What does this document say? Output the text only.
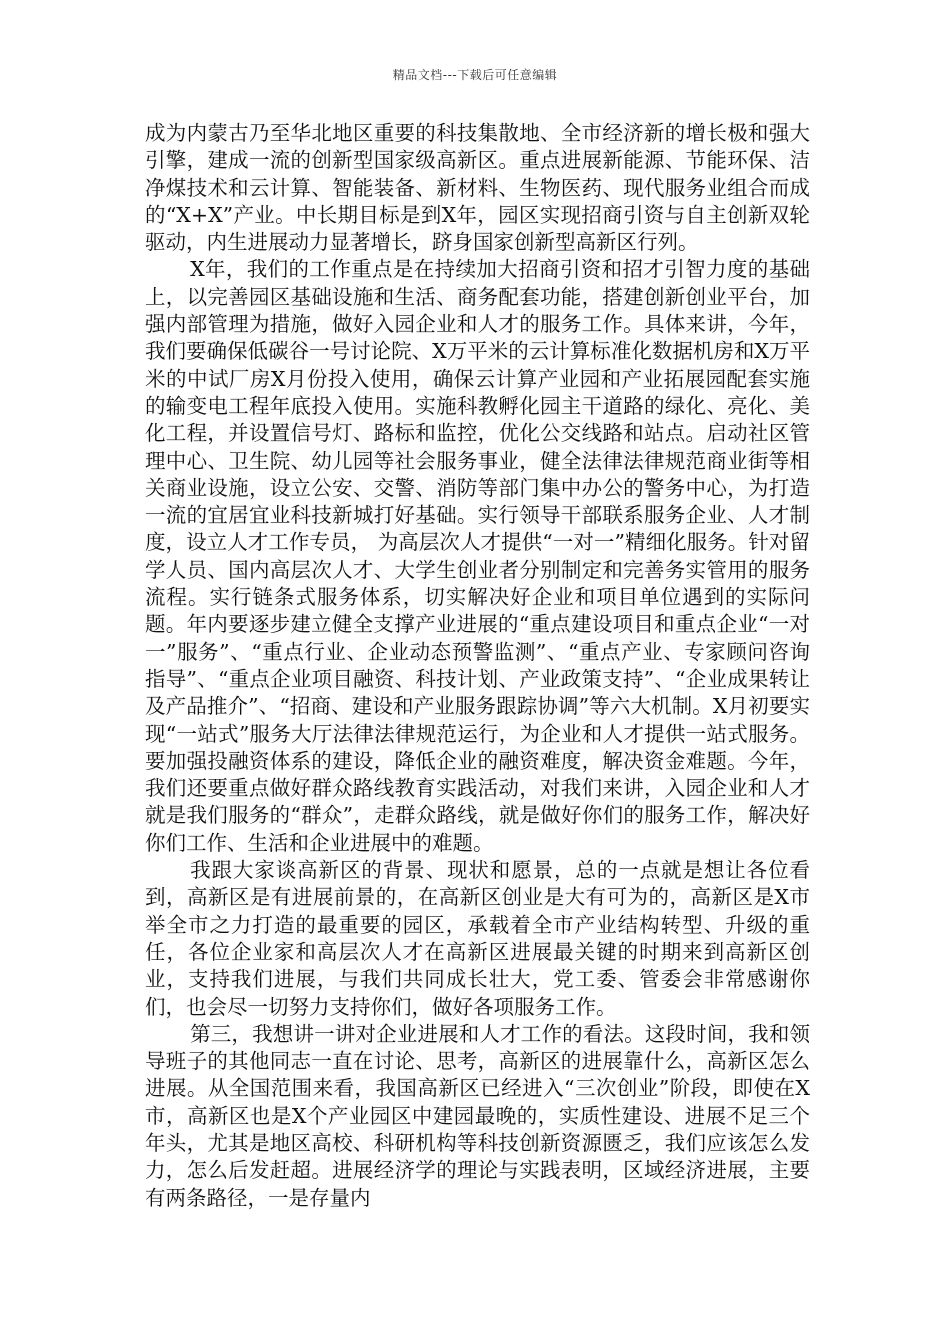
精品文档---下载后可任意编辑

成为内蒙古乃至华北地区重要的科技集散地、全市经济新的增长极和强大引擎，建成一流的创新型国家级高新区。重点进展新能源、节能环保、洁净煤技术和云计算、智能装备、新材料、生物医药、现代服务业组合而成的“X+X”产业。中长期目标是到X年，园区实现招商引资与自主创新双轮驱动，内生进展动力显著增长，跻身国家创新型高新区行列。

X年，我们的工作重点是在持续加大招商引资和招才引智力度的基础上，以完善园区基础设施和生活、商务配套功能，搭建创新创业平台，加强内部管理为措施，做好入园企业和人才的服务工作。具体来讲，今年，我们要确保低碳谷一号讨论院、X万平米的云计算标准化数据机房和X万平米的中试厂房X月份投入使用，确保云计算产业园和产业拓展园配套实施的输变电工程年底投入使用。实施科教孵化园主干道路的绿化、亮化、美化工程，并设置信号灯、路标和监控，优化公交线路和站点。启动社区管理中心、卫生院、幼儿园等社会服务事业，健全法律法律规范商业街等相关商业设施，设立公安、交警、消防等部门集中办公的警务中心，为打造一流的宜居宜业科技新城打好基础。实行领导干部联系服务企业、人才制度，设立人才工作专员， 为高层次人才提供“一对一”精细化服务。针对留学人员、国内高层次人才、大学生创业者分别制定和完善务实管用的服务流程。实行链条式服务体系，切实解决好企业和项目单位遇到的实际问题。年内要逐步建立健全支撑产业进展的“重点建设项目和重点企业“一对一”服务”、“重点行业、企业动态预警监测”、“重点产业、专家顾问咨询指导”、“重点企业项目融资、科技计划、产业政策支持”、“企业成果转让及产品推介”、“招商、建设和产业服务跟踪协调”等六大机制。X月初要实现“一站式”服务大厅法律法律规范运行，为企业和人才提供一站式服务。要加强投融资体系的建设，降低企业的融资难度，解决资金难题。今年，我们还要重点做好群众路线教育实践活动，对我们来讲，入园企业和人才就是我们服务的“群众”，走群众路线，就是做好你们的服务工作，解决好你们工作、生活和企业进展中的难题。

我跟大家谈高新区的背景、现状和愿景，总的一点就是想让各位看到，高新区是有进展前景的，在高新区创业是大有可为的，高新区是X市举全市之力打造的最重要的园区，承载着全市产业结构转型、升级的重任，各位企业家和高层次人才在高新区进展最关键的时期来到高新区创业，支持我们进展，与我们共同成长壮大，党工委、管委会非常感谢你们，也会尽一切努力支持你们，做好各项服务工作。

第三，我想讲一讲对企业进展和人才工作的看法。这段时间，我和领导班子的其他同志一直在讨论、思考，高新区的进展靠什么，高新区怎么进展。从全国范围来看，我国高新区已经进入“三次创业”阶段，即使在X市，高新区也是X个产业园区中建园最晚的，实质性建设、进展不足三个年头，尤其是地区高校、科研机构等科技创新资源匮乏，我们应该怎么发力，怎么后发赶超。进展经济学的理论与实践表明，区域经济进展，主要有两条路径，一是存量内
